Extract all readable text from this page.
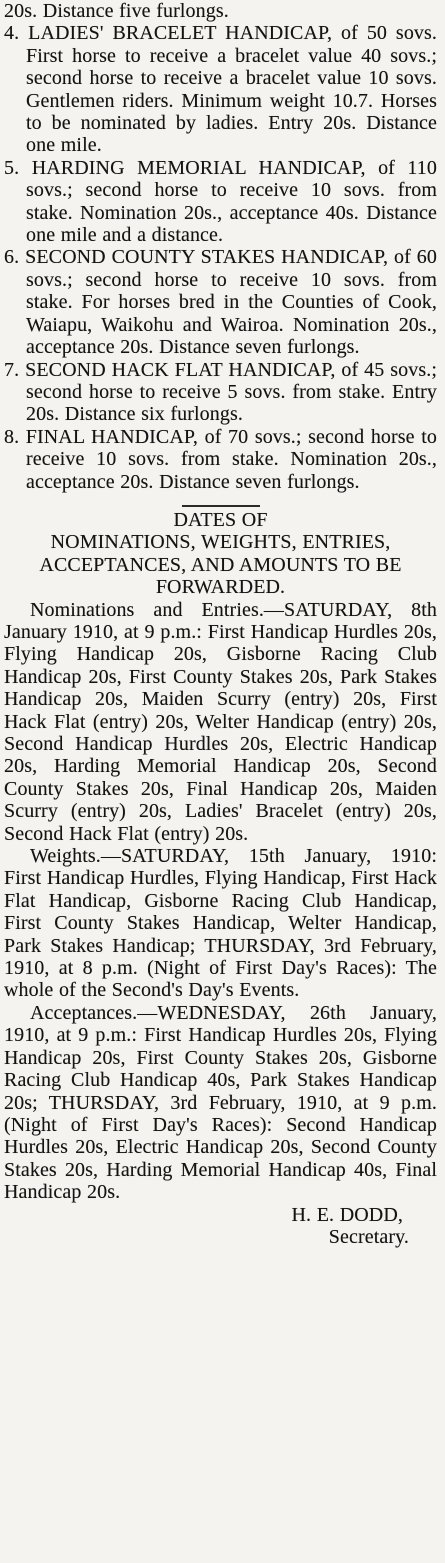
20s. Distance five furlongs.

4. LADIES' BRACELET HANDICAP, of 50 sovs. First horse to receive a bracelet value 40 sovs.; second horse to receive a bracelet value 10 sovs. Gentlemen riders. Minimum weight 10.7. Horses to be nominated by ladies. Entry 20s. Distance one mile.

5. HARDING MEMORIAL HANDICAP, of 110 sovs.; second horse to receive 10 sovs. from stake. Nomination 20s., acceptance 40s. Distance one mile and a distance.

6. SECOND COUNTY STAKES HANDICAP, of 60 sovs.; second horse to receive 10 sovs. from stake. For horses bred in the Counties of Cook, Waiapu, Waikohu and Wairoa. Nomination 20s., acceptance 20s. Distance seven furlongs.

7. SECOND HACK FLAT HANDICAP, of 45 sovs.; second horse to receive 5 sovs. from stake. Entry 20s. Distance six furlongs.

8. FINAL HANDICAP, of 70 sovs.; second horse to receive 10 sovs. from stake. Nomination 20s., acceptance 20s. Distance seven furlongs.

DATES OF
NOMINATIONS, WEIGHTS, ENTRIES, ACCEPTANCES, AND AMOUNTS TO BE
FORWARDED.

Nominations and Entries.—SATURDAY, 8th January 1910, at 9 p.m.: First Handicap Hurdles 20s, Flying Handicap 20s, Gisborne Racing Club Handicap 20s, First County Stakes 20s, Park Stakes Handicap 20s, Maiden Scurry (entry) 20s, First Hack Flat (entry) 20s, Welter Handicap (entry) 20s, Second Handicap Hurdles 20s, Electric Handicap 20s, Harding Memorial Handicap 20s, Second County Stakes 20s, Final Handicap 20s, Maiden Scurry (entry) 20s, Ladies' Bracelet (entry) 20s, Second Hack Flat (entry) 20s.

Weights.—SATURDAY, 15th January, 1910: First Handicap Hurdles, Flying Handicap, First Hack Flat Handicap, Gisborne Racing Club Handicap, First County Stakes Handicap, Welter Handicap, Park Stakes Handicap; THURSDAY, 3rd February, 1910, at 8 p.m. (Night of First Day's Races): The whole of the Second's Day's Events.

Acceptances.—WEDNESDAY, 26th January, 1910, at 9 p.m.: First Handicap Hurdles 20s, Flying Handicap 20s, First County Stakes 20s, Gisborne Racing Club Handicap 40s, Park Stakes Handicap 20s; THURSDAY, 3rd February, 1910, at 9 p.m. (Night of First Day's Races): Second Handicap Hurdles 20s, Electric Handicap 20s, Second County Stakes 20s, Harding Memorial Handicap 40s, Final Handicap 20s.

H. E. DODD,
Secretary.
